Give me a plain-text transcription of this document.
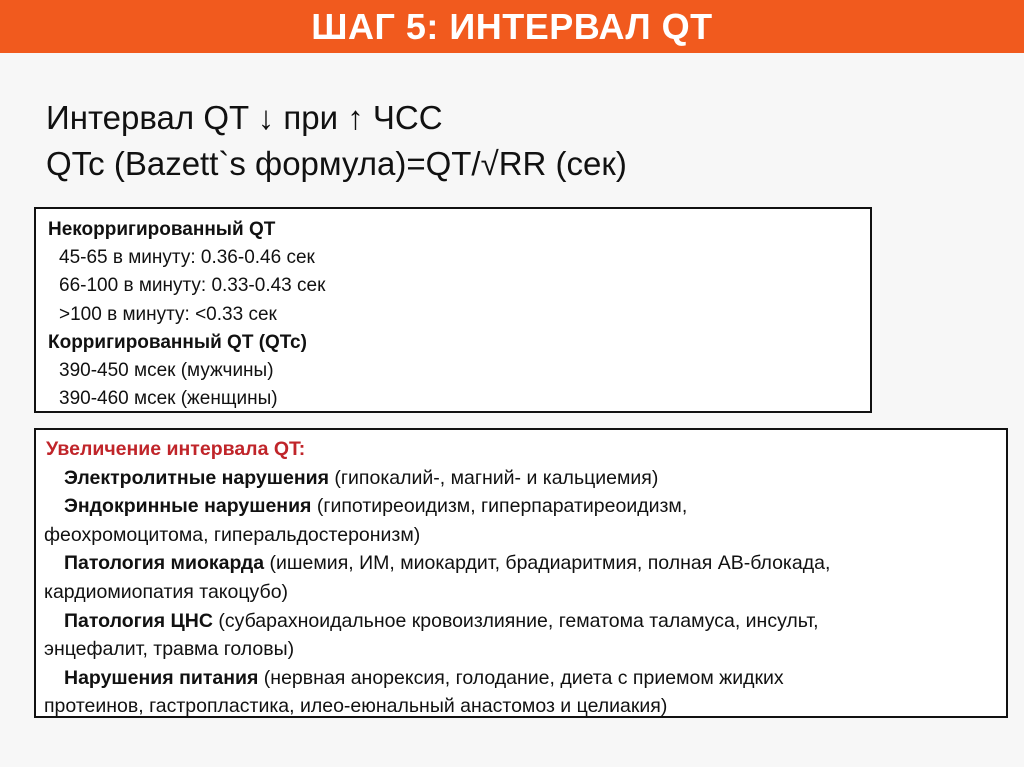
ШАГ 5: ИНТЕРВАЛ QT
Интервал QT ↓ при ↑ ЧСС
QTc (Bazett`s формула)=QT/√RR (сек)
Некорригированный QT
45-65 в минуту: 0.36-0.46 сек
66-100 в минуту: 0.33-0.43 сек
>100 в минуту: <0.33 сек
Корригированный QT (QTc)
390-450 мсек (мужчины)
390-460 мсек (женщины)
Увеличение интервала QT:
Электролитные нарушения (гипокалий-, магний- и кальциемия)
Эндокринные нарушения (гипотиреоидизм, гиперпаратиреоидизм,
феохромоцитома, гиперальдостеронизм)
Патология миокарда (ишемия, ИМ, миокардит, брадиаритмия, полная АВ-блокада,
кардиомиопатия такоцубо)
Патология ЦНС (субарахноидальное кровоизлияние, гематома таламуса, инсульт,
энцефалит, травма головы)
Нарушения питания (нервная анорексия, голодание, диета с приемом жидких
протеинов, гастропластика, илео-еюнальный анастомоз и целиакия)
